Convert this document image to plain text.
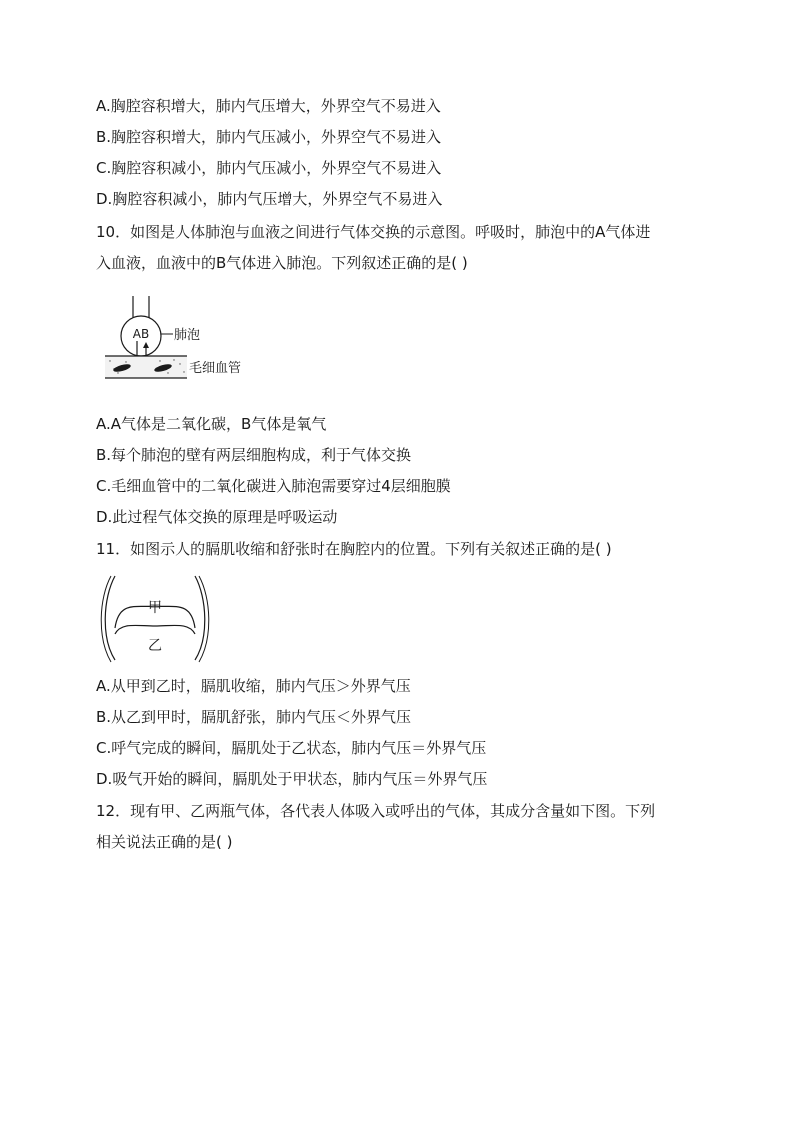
A.胸腔容积增大，肺内气压增大，外界空气不易进入
B.胸腔容积增大，肺内气压减小，外界空气不易进入
C.胸腔容积减小，肺内气压减小，外界空气不易进入
D.胸腔容积减小，肺内气压增大，外界空气不易进入
10．如图是人体肺泡与血液之间进行气体交换的示意图。呼吸时，肺泡中的A气体进
入血液，血液中的B气体进入肺泡。下列叙述正确的是( )
AB 肺泡
毛细血管
A.A气体是二氧化碳，B气体是氧气
B.每个肺泡的壁有两层细胞构成，利于气体交换
C.毛细血管中的二氧化碳进入肺泡需要穿过4层细胞膜
D.此过程气体交换的原理是呼吸运动
11．如图示人的膈肌收缩和舒张时在胸腔内的位置。下列有关叙述正确的是( )
甲
乙
A.从甲到乙时，膈肌收缩，肺内气压＞外界气压
B.从乙到甲时，膈肌舒张，肺内气压＜外界气压
C.呼气完成的瞬间，膈肌处于乙状态，肺内气压＝外界气压
D.吸气开始的瞬间，膈肌处于甲状态，肺内气压＝外界气压
12．现有甲、乙两瓶气体，各代表人体吸入或呼出的气体，其成分含量如下图。下列
相关说法正确的是( )
